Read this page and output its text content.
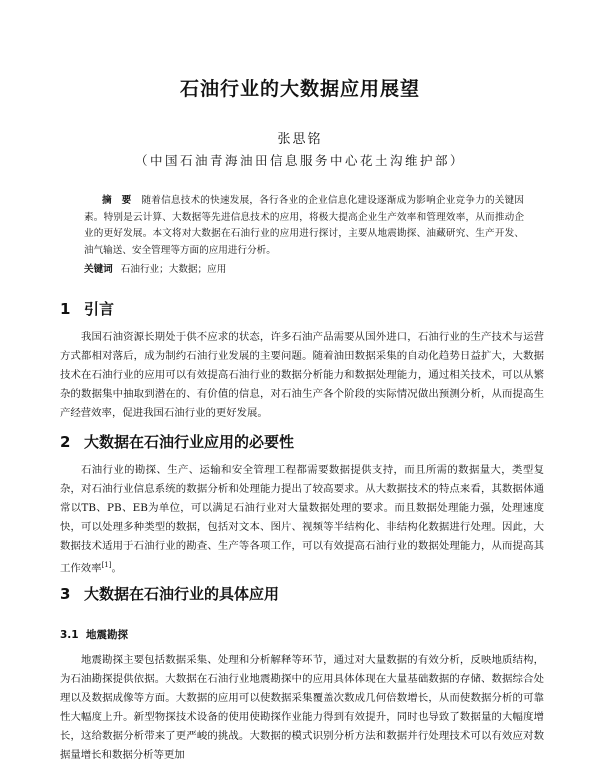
石油行业的大数据应用展望
张思铭
（中国石油青海油田信息服务中心花土沟维护部）
摘　要 随着信息技术的快速发展，各行各业的企业信息化建设逐渐成为影响企业竞争力的关键因素。特别是云计算、大数据等先进信息技术的应用，将极大提高企业生产效率和管理效率，从而推动企业的更好发展。本文将对大数据在石油行业的应用进行探讨，主要从地震勘探、油藏研究、生产开发、油气输送、安全管理等方面的应用进行分析。
关键词 石油行业；大数据；应用
1 引言
我国石油资源长期处于供不应求的状态，许多石油产品需要从国外进口，石油行业的生产技术与运营方式都相对落后，成为制约石油行业发展的主要问题。随着油田数据采集的自动化趋势日益扩大，大数据技术在石油行业的应用可以有效提高石油行业的数据分析能力和数据处理能力，通过相关技术，可以从繁杂的数据集中抽取到潜在的、有价值的信息，对石油生产各个阶段的实际情况做出预测分析，从而提高生产经营效率，促进我国石油行业的更好发展。
2 大数据在石油行业应用的必要性
石油行业的勘探、生产、运输和安全管理工程都需要数据提供支持，而且所需的数据量大，类型复杂，对石油行业信息系统的数据分析和处理能力提出了较高要求。从大数据技术的特点来看，其数据体通常以TB、PB、EB为单位，可以满足石油行业对大量数据处理的要求。而且数据处理能力强，处理速度快，可以处理多种类型的数据，包括对文本、图片、视频等半结构化、非结构化数据进行处理。因此，大数据技术适用于石油行业的勘查、生产等各项工作，可以有效提高石油行业的数据处理能力，从而提高其工作效率[1]。
3 大数据在石油行业的具体应用
3.1 地震勘探
地震勘探主要包括数据采集、处理和分析解释等环节，通过对大量数据的有效分析，反映地质结构，为石油勘探提供依据。大数据在石油行业地震勘探中的应用具体体现在大量基础数据的存储、数据综合处理以及数据成像等方面。大数据的应用可以使数据采集覆盖次数成几何倍数增长，从而使数据分析的可靠性大幅度上升。新型物探技术设备的使用使勘探作业能力得到有效提升，同时也导致了数据量的大幅度增长，这给数据分析带来了更严峻的挑战。大数据的模式识别分析方法和数据并行处理技术可以有效应对数据量增长和数据分析等更加
